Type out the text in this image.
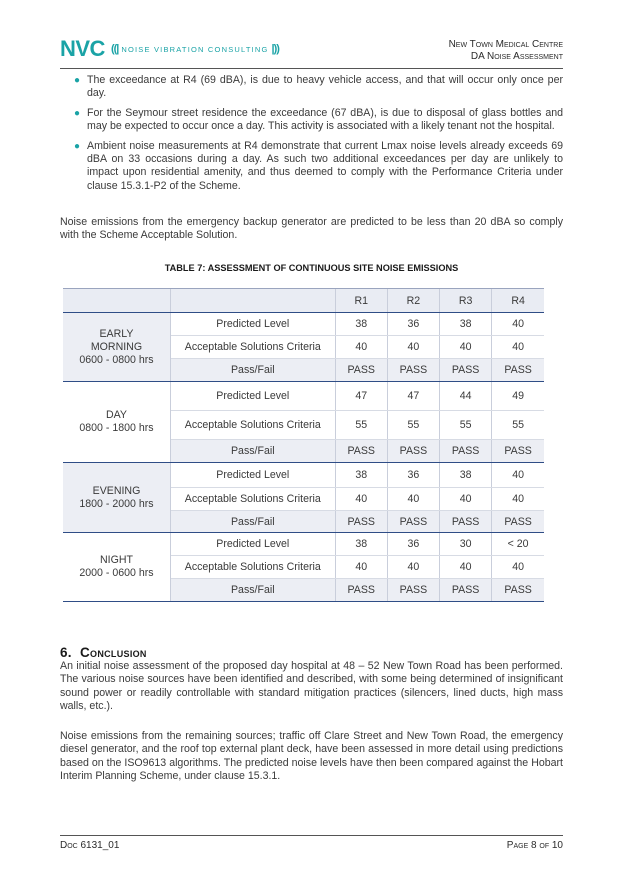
NVC ((| NOISE VIBRATION CONSULTING |))	New Town Medical Centre
DA Noise Assessment
● The exceedance at R4 (69 dBA), is due to heavy vehicle access, and that will occur only once per day.
● For the Seymour street residence the exceedance (67 dBA), is due to disposal of glass bottles and may be expected to occur once a day. This activity is associated with a likely tenant not the hospital.
● Ambient noise measurements at R4 demonstrate that current Lmax noise levels already exceeds 69 dBA on 33 occasions during a day. As such two additional exceedances per day are unlikely to impact upon residential amenity, and thus deemed to comply with the Performance Criteria under clause 15.3.1-P2 of the Scheme.
Noise emissions from the emergency backup generator are predicted to be less than 20 dBA so comply with the Scheme Acceptable Solution.
TABLE 7: ASSESSMENT OF CONTINUOUS SITE NOISE EMISSIONS
		R1	R2	R3	R4

EARLY MORNING
0600 - 0800 hrs	Predicted Level	38	36	38	40
	Acceptable Solutions Criteria	40	40	40	40
	Pass/Fail	PASS	PASS	PASS	PASS

DAY
0800 - 1800 hrs	Predicted Level	47	47	44	49
	Acceptable Solutions Criteria	55	55	55	55
	Pass/Fail	PASS	PASS	PASS	PASS

EVENING
1800 - 2000 hrs	Predicted Level	38	36	38	40
	Acceptable Solutions Criteria	40	40	40	40
	Pass/Fail	PASS	PASS	PASS	PASS

NIGHT
2000 - 0600 hrs	Predicted Level	38	36	30	< 20
	Acceptable Solutions Criteria	40	40	40	40
	Pass/Fail	PASS	PASS	PASS	PASS
6. Conclusion
An initial noise assessment of the proposed day hospital at 48 – 52 New Town Road has been performed. The various noise sources have been identified and described, with some being determined of insignificant sound power or readily controllable with standard mitigation practices (silencers, lined ducts, high mass walls, etc.).
Noise emissions from the remaining sources; traffic off Clare Street and New Town Road, the emergency diesel generator, and the roof top external plant deck, have been assessed in more detail using predictions based on the ISO9613 algorithms. The predicted noise levels have then been compared against the Hobart Interim Planning Scheme, under clause 15.3.1.
Doc 6131_01	Page 8 of 10
